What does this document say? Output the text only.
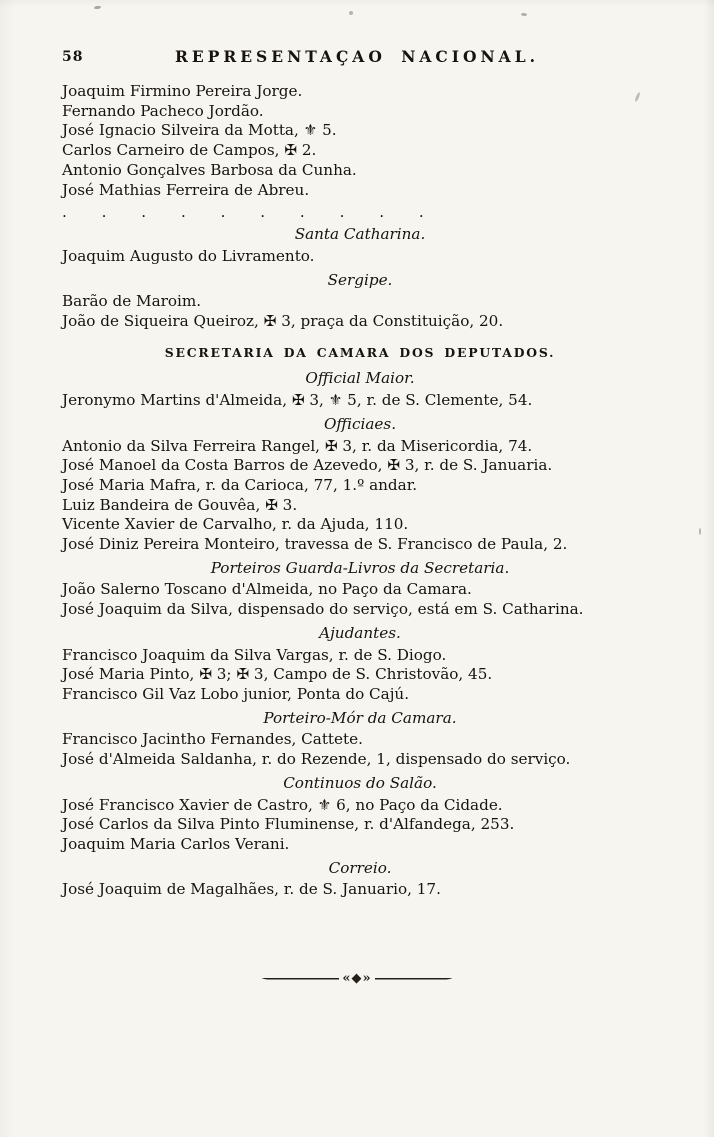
58	REPRESENTAÇAO NACIONAL.
Joaquim Firmino Pereira Jorge.
Fernando Pacheco Jordão.
José Ignacio Silveira da Motta, ⚜ 5.
Carlos Carneiro de Campos, ✠ 2.
Antonio Gonçalves Barbosa da Cunha.
José Mathias Ferreira de Abreu.
. . . . . . . . . .
Santa Catharina.
Joaquim Augusto do Livramento.
Sergipe.
Barão de Maroim.
João de Siqueira Queiroz, ✠ 3, praça da Constituição, 20.
SECRETARIA DA CAMARA DOS DEPUTADOS.
Official Maior.
Jeronymo Martins d'Almeida, ✠ 3, ⚜ 5, r. de S. Clemente, 54.
Officiaes.
Antonio da Silva Ferreira Rangel, ✠ 3, r. da Misericordia, 74.
José Manoel da Costa Barros de Azevedo, ✠ 3, r. de S. Januaria.
José Maria Mafra, r. da Carioca, 77, 1.º andar.
Luiz Bandeira de Gouvêa, ✠ 3.
Vicente Xavier de Carvalho, r. da Ajuda, 110.
José Diniz Pereira Monteiro, travessa de S. Francisco de Paula, 2.
Porteiros Guarda-Livros da Secretaria.
João Salerno Toscano d'Almeida, no Paço da Camara.
José Joaquim da Silva, dispensado do serviço, está em S. Catharina.
Ajudantes.
Francisco Joaquim da Silva Vargas, r. de S. Diogo.
José Maria Pinto, ✠ 3; ✠ 3, Campo de S. Christovão, 45.
Francisco Gil Vaz Lobo junior, Ponta do Cajú.
Porteiro-Mór da Camara.
Francisco Jacintho Fernandes, Cattete.
José d'Almeida Saldanha, r. do Rezende, 1, dispensado do serviço.
Continuos do Salão.
José Francisco Xavier de Castro, ⚜ 6, no Paço da Cidade.
José Carlos da Silva Pinto Fluminense, r. d'Alfandega, 253.
Joaquim Maria Carlos Verani.
Correio.
José Joaquim de Magalhães, r. de S. Januario, 17.
«◆»
